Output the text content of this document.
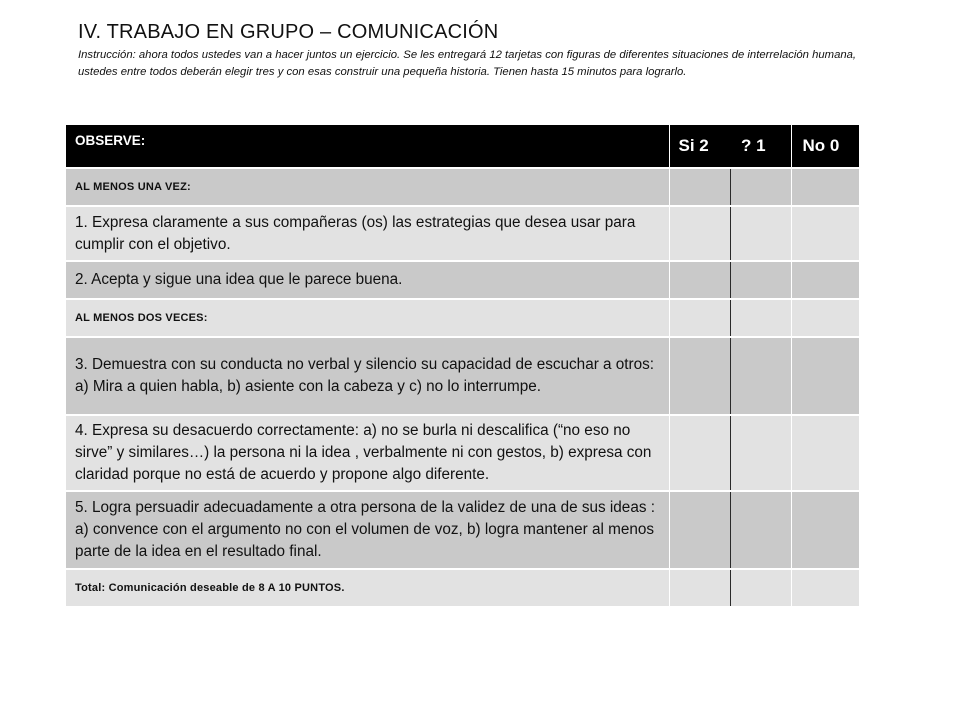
IV. TRABAJO EN GRUPO – COMUNICACIÓN
Instrucción: ahora todos ustedes van a hacer juntos un ejercicio. Se les entregará 12 tarjetas con figuras de diferentes situaciones de interrelación humana, ustedes entre todos deberán elegir tres y con esas construir una pequeña historia. Tienen hasta 15 minutos para lograrlo.
OBSERVE:	Si 2	? 1	No 0
AL MENOS UNA VEZ:			
1. Expresa claramente a sus compañeras (os) las estrategias que desea usar para cumplir con el objetivo.			
2. Acepta y sigue una idea que le parece buena.			
AL MENOS DOS VECES:			
3. Demuestra con su conducta no verbal y silencio su capacidad de escuchar a otros: a) Mira a quien habla, b) asiente con la cabeza y c) no lo interrumpe.			
4. Expresa su desacuerdo correctamente: a) no se burla ni descalifica (“no eso no sirve” y similares…) la persona ni la idea , verbalmente ni con gestos, b) expresa con claridad porque no está de acuerdo y propone algo diferente.			
5. Logra persuadir adecuadamente a otra persona de la validez de una de sus ideas : a) convence con el argumento no con el volumen de voz, b) logra mantener al menos parte de la idea en el resultado final.			
Total: Comunicación deseable de 8 A 10 PUNTOS.			
